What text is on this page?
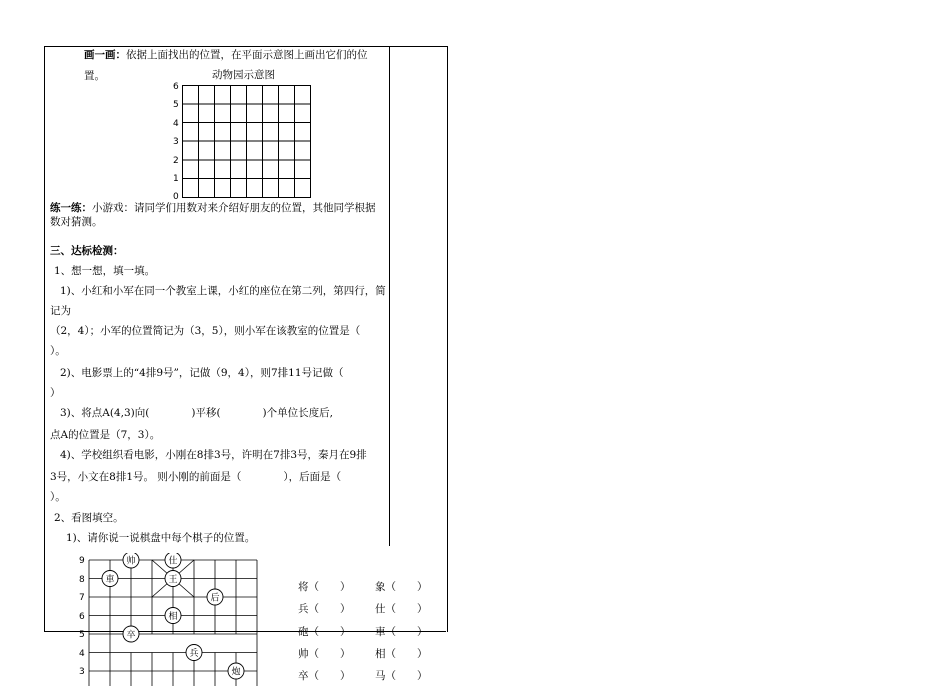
画一画：依据上面找出的位置，在平面示意图上画出它们的位
置。	动物园示意图
6
5
4
3
2
1
0
练一练：小游戏：请同学们用数对来介绍好朋友的位置，其他同学根据
数对猜测。
三、达标检测：
1、想一想，填一填。
1)、小红和小军在同一个教室上课，小红的座位在第二列，第四行，简
记为
（2，4）；小军的位置简记为（3，5），则小军在该教室的位置是（
）。
2)、电影票上的“4排9号”，记做（9，4），则7排11号记做（
）
3)、将点A(4,3)向(　　　　)平移(　　　　)个单位长度后,
点A的位置是（7，3）。
4)、学校组织看电影，小刚在8排3号，许明在7排3号，秦月在9排
3号，小文在8排1号。 则小刚的前面是（　　　　），后面是（
）。
2、看图填空。
1)、请你说一说棋盘中每个棋子的位置。
9
8
7
6
5
4
3
車
帅	仕
王
后
相
卒
兵
炮
将（　　） 象（　　）
兵（　　） 仕（　　）
砲（　　） 車（　　）
帅（　　） 相（　　）
卒（　　） 马（　　）
